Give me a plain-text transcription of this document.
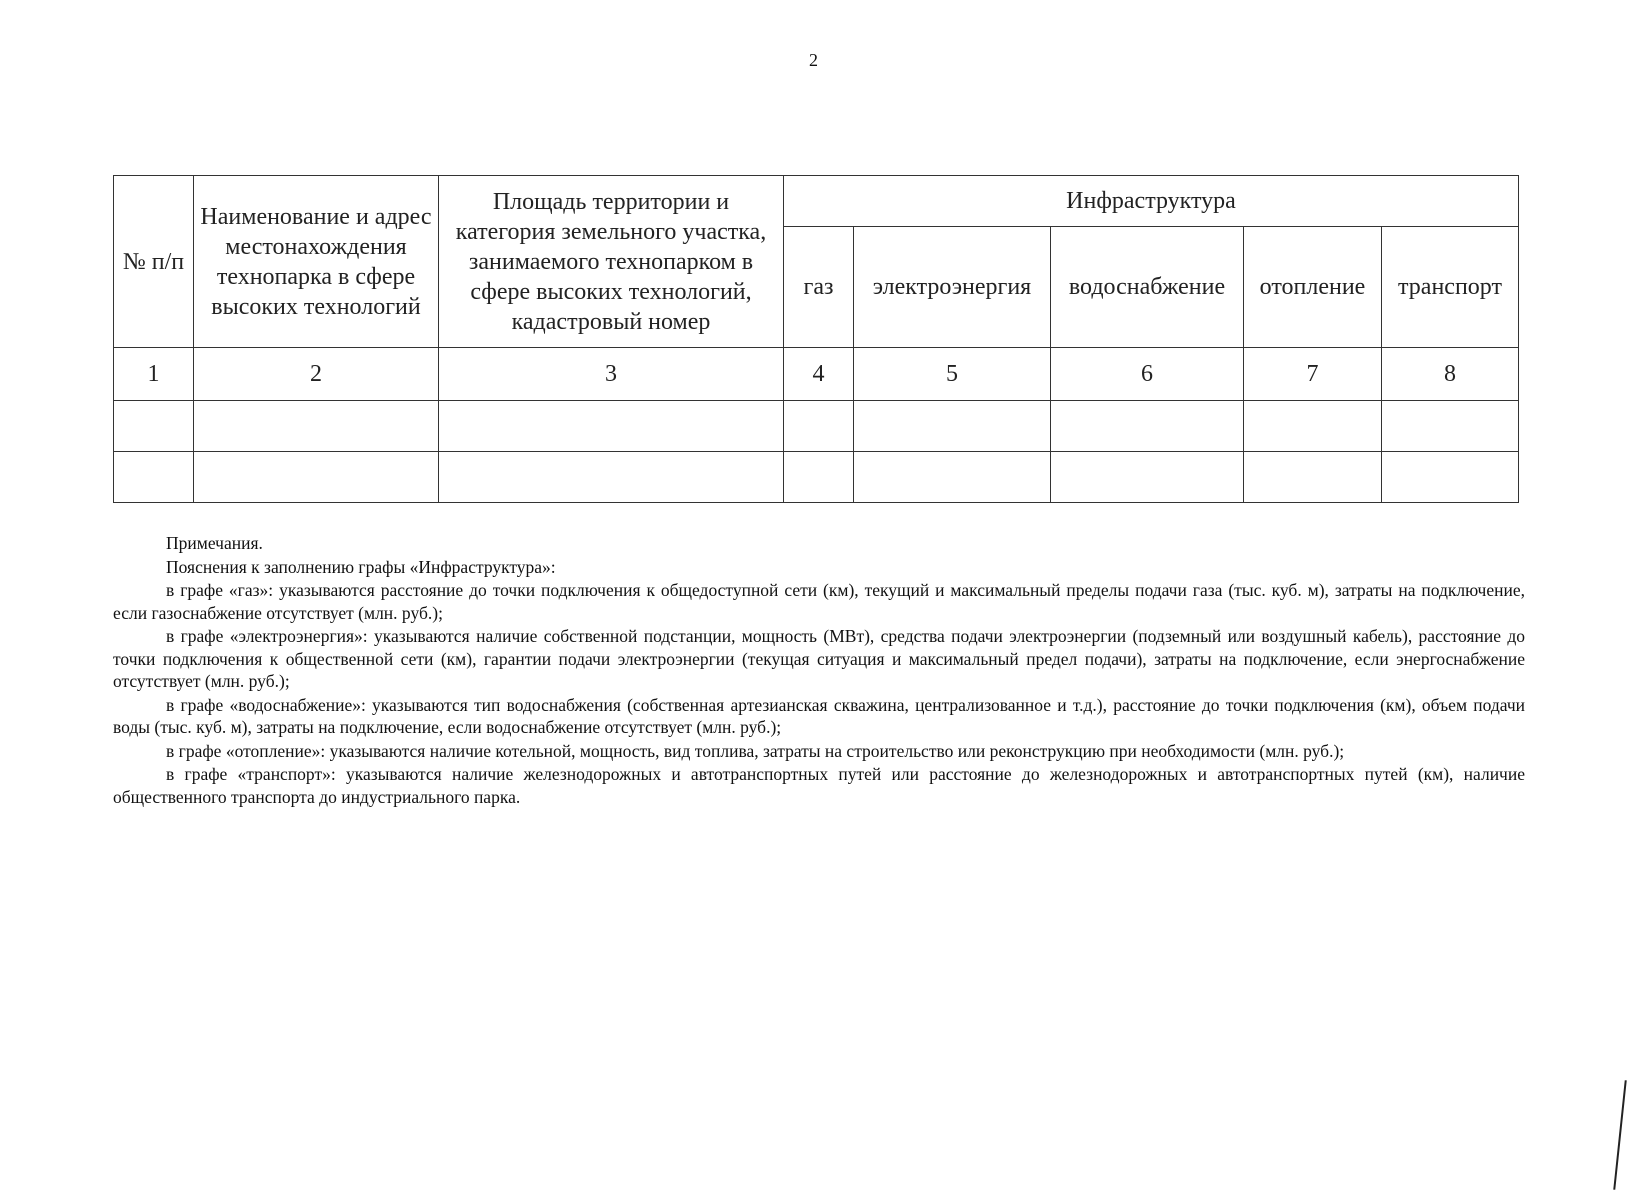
2
№ п/п	Наименование и адрес местонахождения технопарка в сфере высоких технологий	Площадь территории и категория земельного участка, занимаемого технопарком в сфере высоких технологий, кадастровый номер	Инфраструктура				
			газ	электроэнергия	водоснабжение	отопление	транспорт
1	2	3	4	5	6	7	8

Примечания.

Пояснения к заполнению графы «Инфраструктура»:

в графе «газ»: указываются расстояние до точки подключения к общедоступной сети (км), текущий и максимальный пределы подачи газа (тыс. куб. м), затраты на подключение, если газоснабжение отсутствует (млн. руб.);

в графе «электроэнергия»: указываются наличие собственной подстанции, мощность (МВт), средства подачи электроэнергии (подземный или воздушный кабель), расстояние до точки подключения к общественной сети (км), гарантии подачи электроэнергии (текущая ситуация и максимальный предел подачи), затраты на подключение, если энергоснабжение отсутствует (млн. руб.);

в графе «водоснабжение»: указываются тип водоснабжения (собственная артезианская скважина, централизованное и т.д.), расстояние до точки подключения (км), объем подачи воды (тыс. куб. м), затраты на подключение, если водоснабжение отсутствует (млн. руб.);

в графе «отопление»: указываются наличие котельной, мощность, вид топлива, затраты на строительство или реконструкцию при необходимости (млн. руб.);

в графе «транспорт»: указываются наличие железнодорожных и автотранспортных путей или расстояние до железнодорожных и автотранспортных путей (км), наличие общественного транспорта до индустриального парка.
